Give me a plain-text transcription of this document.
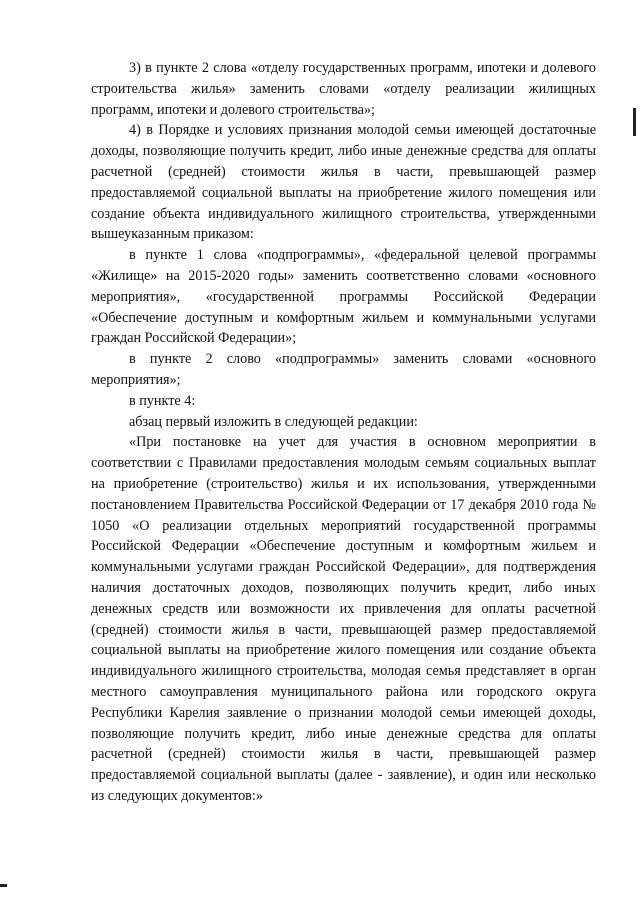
3) в пункте 2 слова «отделу государственных программ, ипотеки и долевого строительства жилья» заменить словами «отделу реализации жилищных программ, ипотеки и долевого строительства»;

4) в Порядке и условиях признания молодой семьи имеющей достаточные доходы, позволяющие получить кредит, либо иные денежные средства для оплаты расчетной (средней) стоимости жилья в части, превышающей размер предоставляемой социальной выплаты на приобретение жилого помещения или создание объекта индивидуального жилищного строительства, утвержденными вышеуказанным приказом:

в пункте 1 слова «подпрограммы», «федеральной целевой программы «Жилище» на 2015-2020 годы» заменить соответственно словами «основного мероприятия», «государственной программы Российской Федерации «Обеспечение доступным и комфортным жильем и коммунальными услугами граждан Российской Федерации»;

в пункте 2 слово «подпрограммы» заменить словами «основного мероприятия»;

в пункте 4:

абзац первый изложить в следующей редакции:

«При постановке на учет для участия в основном мероприятии в соответствии с Правилами предоставления молодым семьям социальных выплат на приобретение (строительство) жилья и их использования, утвержденными постановлением Правительства Российской Федерации от 17 декабря 2010 года № 1050 «О реализации отдельных мероприятий государственной программы Российской Федерации «Обеспечение доступным и комфортным жильем и коммунальными услугами граждан Российской Федерации», для подтверждения наличия достаточных доходов, позволяющих получить кредит, либо иных денежных средств или возможности их привлечения для оплаты расчетной (средней) стоимости жилья в части, превышающей размер предоставляемой социальной выплаты на приобретение жилого помещения или создание объекта индивидуального жилищного строительства, молодая семья представляет в орган местного самоуправления муниципального района или городского округа Республики Карелия заявление о признании молодой семьи имеющей доходы, позволяющие получить кредит, либо иные денежные средства для оплаты расчетной (средней) стоимости жилья в части, превышающей размер предоставляемой социальной выплаты (далее - заявление), и один или несколько из следующих документов:»
